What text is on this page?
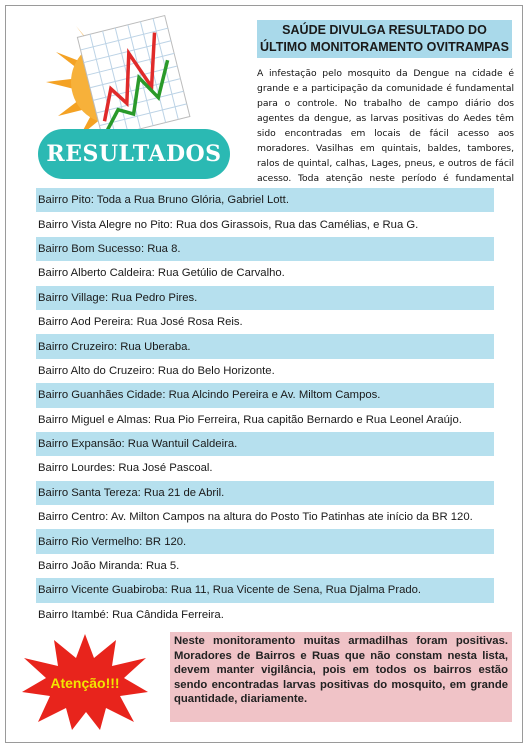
RESULTADOS
SAÚDE DIVULGA RESULTADO DO
ÚLTIMO MONITORAMENTO OVITRAMPAS
A infestação pelo mosquito da Dengue na cidade é grande e a participação da comunidade é fundamental para o controle. No trabalho de campo diário dos agentes da dengue, as larvas positivas do Aedes têm sido encontradas em locais de fácil acesso aos moradores. Vasilhas em quintais, baldes, tambores, ralos de quintal, calhas, Lages, pneus, e outros de fácil acesso. Toda atenção neste período é fundamental
Bairro Pito: Toda a Rua Bruno Glória, Gabriel Lott.
Bairro Vista Alegre no Pito: Rua dos Girassois, Rua das Camélias, e Rua G.
Bairro Bom Sucesso: Rua 8.
Bairro Alberto Caldeira: Rua Getúlio de Carvalho.
Bairro Village: Rua Pedro Pires.
Bairro Aod Pereira: Rua José Rosa Reis.
Bairro Cruzeiro: Rua Uberaba.
Bairro Alto do Cruzeiro: Rua do Belo Horizonte.
Bairro Guanhães Cidade: Rua Alcindo Pereira e Av. Miltom Campos.
Bairro Miguel e Almas: Rua Pio Ferreira, Rua capitão Bernardo e Rua Leonel Araújo.
Bairro Expansão: Rua Wantuil Caldeira.
Bairro Lourdes: Rua José Pascoal.
Bairro Santa Tereza: Rua 21 de Abril.
Bairro Centro: Av. Milton Campos na altura do Posto Tio Patinhas ate início da BR 120.
Bairro Rio Vermelho: BR 120.
Bairro João Miranda: Rua 5.
Bairro Vicente Guabiroba: Rua 11, Rua Vicente de Sena, Rua Djalma Prado.
Bairro Itambé: Rua Cândida Ferreira.
Atenção!!!
Neste monitoramento muitas armadilhas foram positivas. Moradores de Bairros e Ruas que não constam nesta lista, devem manter vigilância, pois em todos os bairros estão sendo encontradas larvas positivas do mosquito, em grande quantidade, diariamente.
